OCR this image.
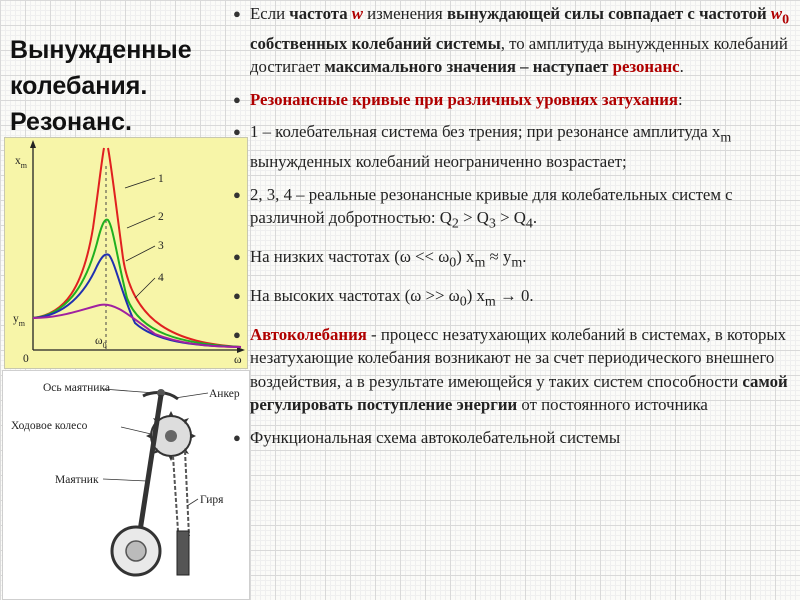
Вынужденные колебания. Резонанс.
1
2
3
4
$x_m$
$y_m$
0
$\omega_0$
ω
Ось маятника	Анкер
Ходовое колесо
Маятник
Гиря
● Если частота w изменения вынуждающей силы совпадает с частотой $w_0$ собственных колебаний системы, то амплитуда вынужденных колебаний достигает максимального значения – наступает резонанс.
● Резонансные кривые при различных уровнях затухания:
● 1 – колебательная система без трения; при резонансе амплитуда $x_m$ вынужденных колебаний неограниченно возрастает;
● 2, 3, 4 – реальные резонансные кривые для колебательных систем с различной добротностью: $Q_2 > Q_3 > Q_4$.
● На низких частотах $(\omega << \omega_0)$ $x_m \approx y_m$.
● На высоких частотах $(\omega >> \omega_0)$ $x_m \to 0$.
● Автоколебания - процесс незатухающих колебаний в системах, в которых незатухающие колебания возникают не за счет периодического внешнего воздействия, а в результате имеющейся у таких систем способности самой регулировать поступление энергии от постоянного источника
● Функциональная схема автоколебательной системы
